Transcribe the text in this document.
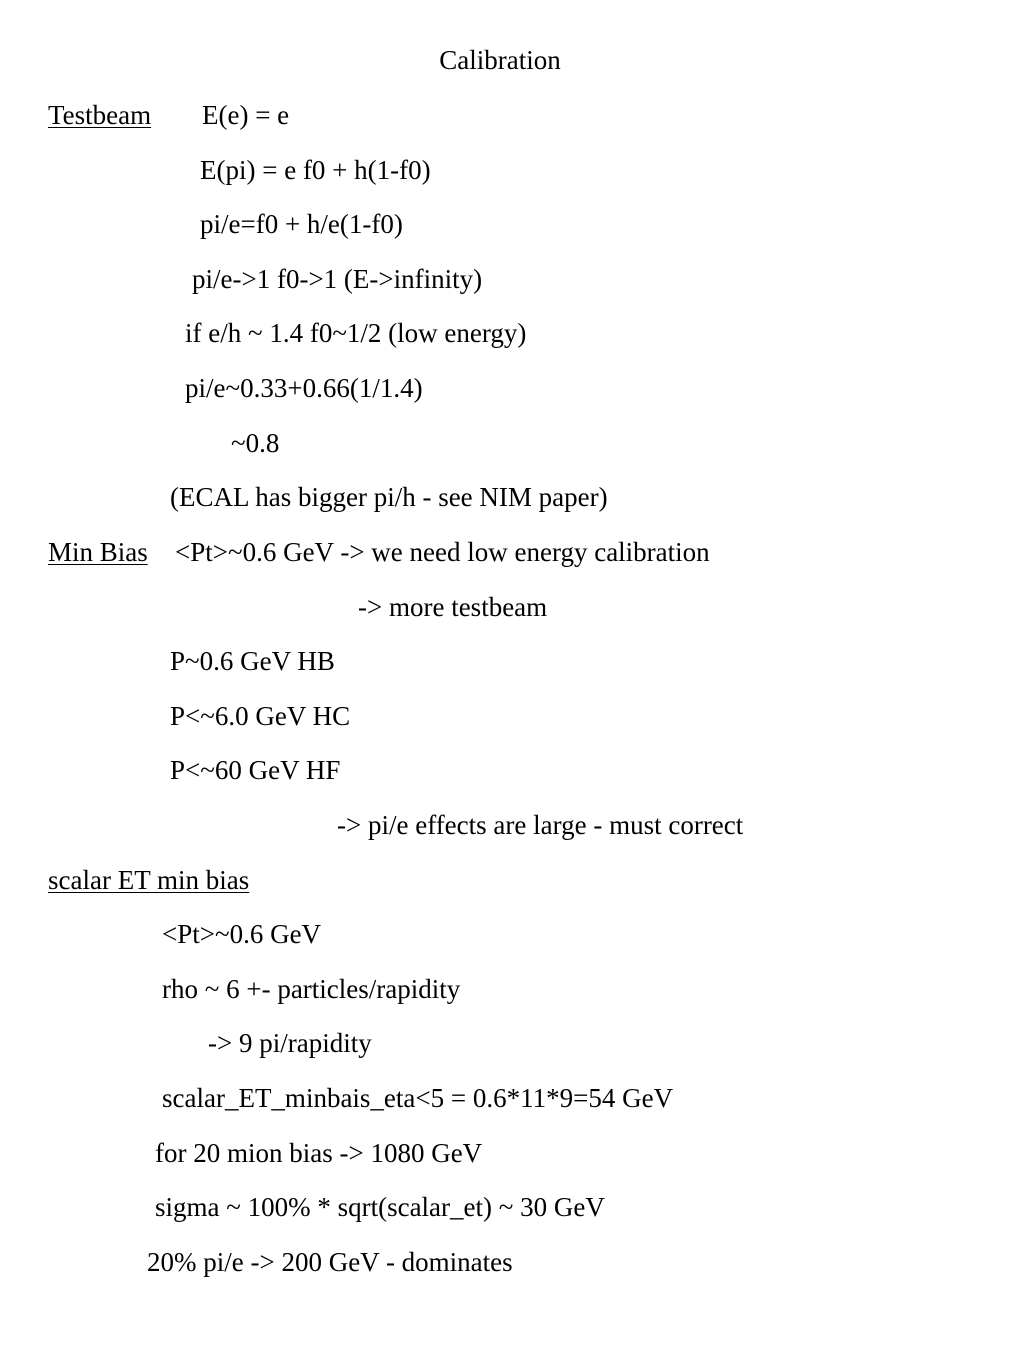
Calibration
Testbeam E(e) = e
E(pi) = e f0 + h(1-f0)
pi/e=f0 + h/e(1-f0)
pi/e->1 f0->1 (E->infinity)
if e/h ~ 1.4 f0~1/2 (low energy)
pi/e~0.33+0.66(1/1.4)
~0.8
(ECAL has bigger pi/h - see NIM paper)
Min Bias <Pt>~0.6 GeV -> we need low energy calibration
-> more testbeam
P~0.6 GeV HB
P<~6.0 GeV HC
P<~60 GeV HF
-> pi/e effects are large - must correct
scalar ET min bias
<Pt>~0.6 GeV
rho ~ 6 +- particles/rapidity
-> 9 pi/rapidity
scalar_ET_minbais_eta<5 = 0.6*11*9=54 GeV
for 20 mion bias -> 1080 GeV
sigma ~ 100% * sqrt(scalar_et) ~ 30 GeV
20% pi/e -> 200 GeV - dominates
